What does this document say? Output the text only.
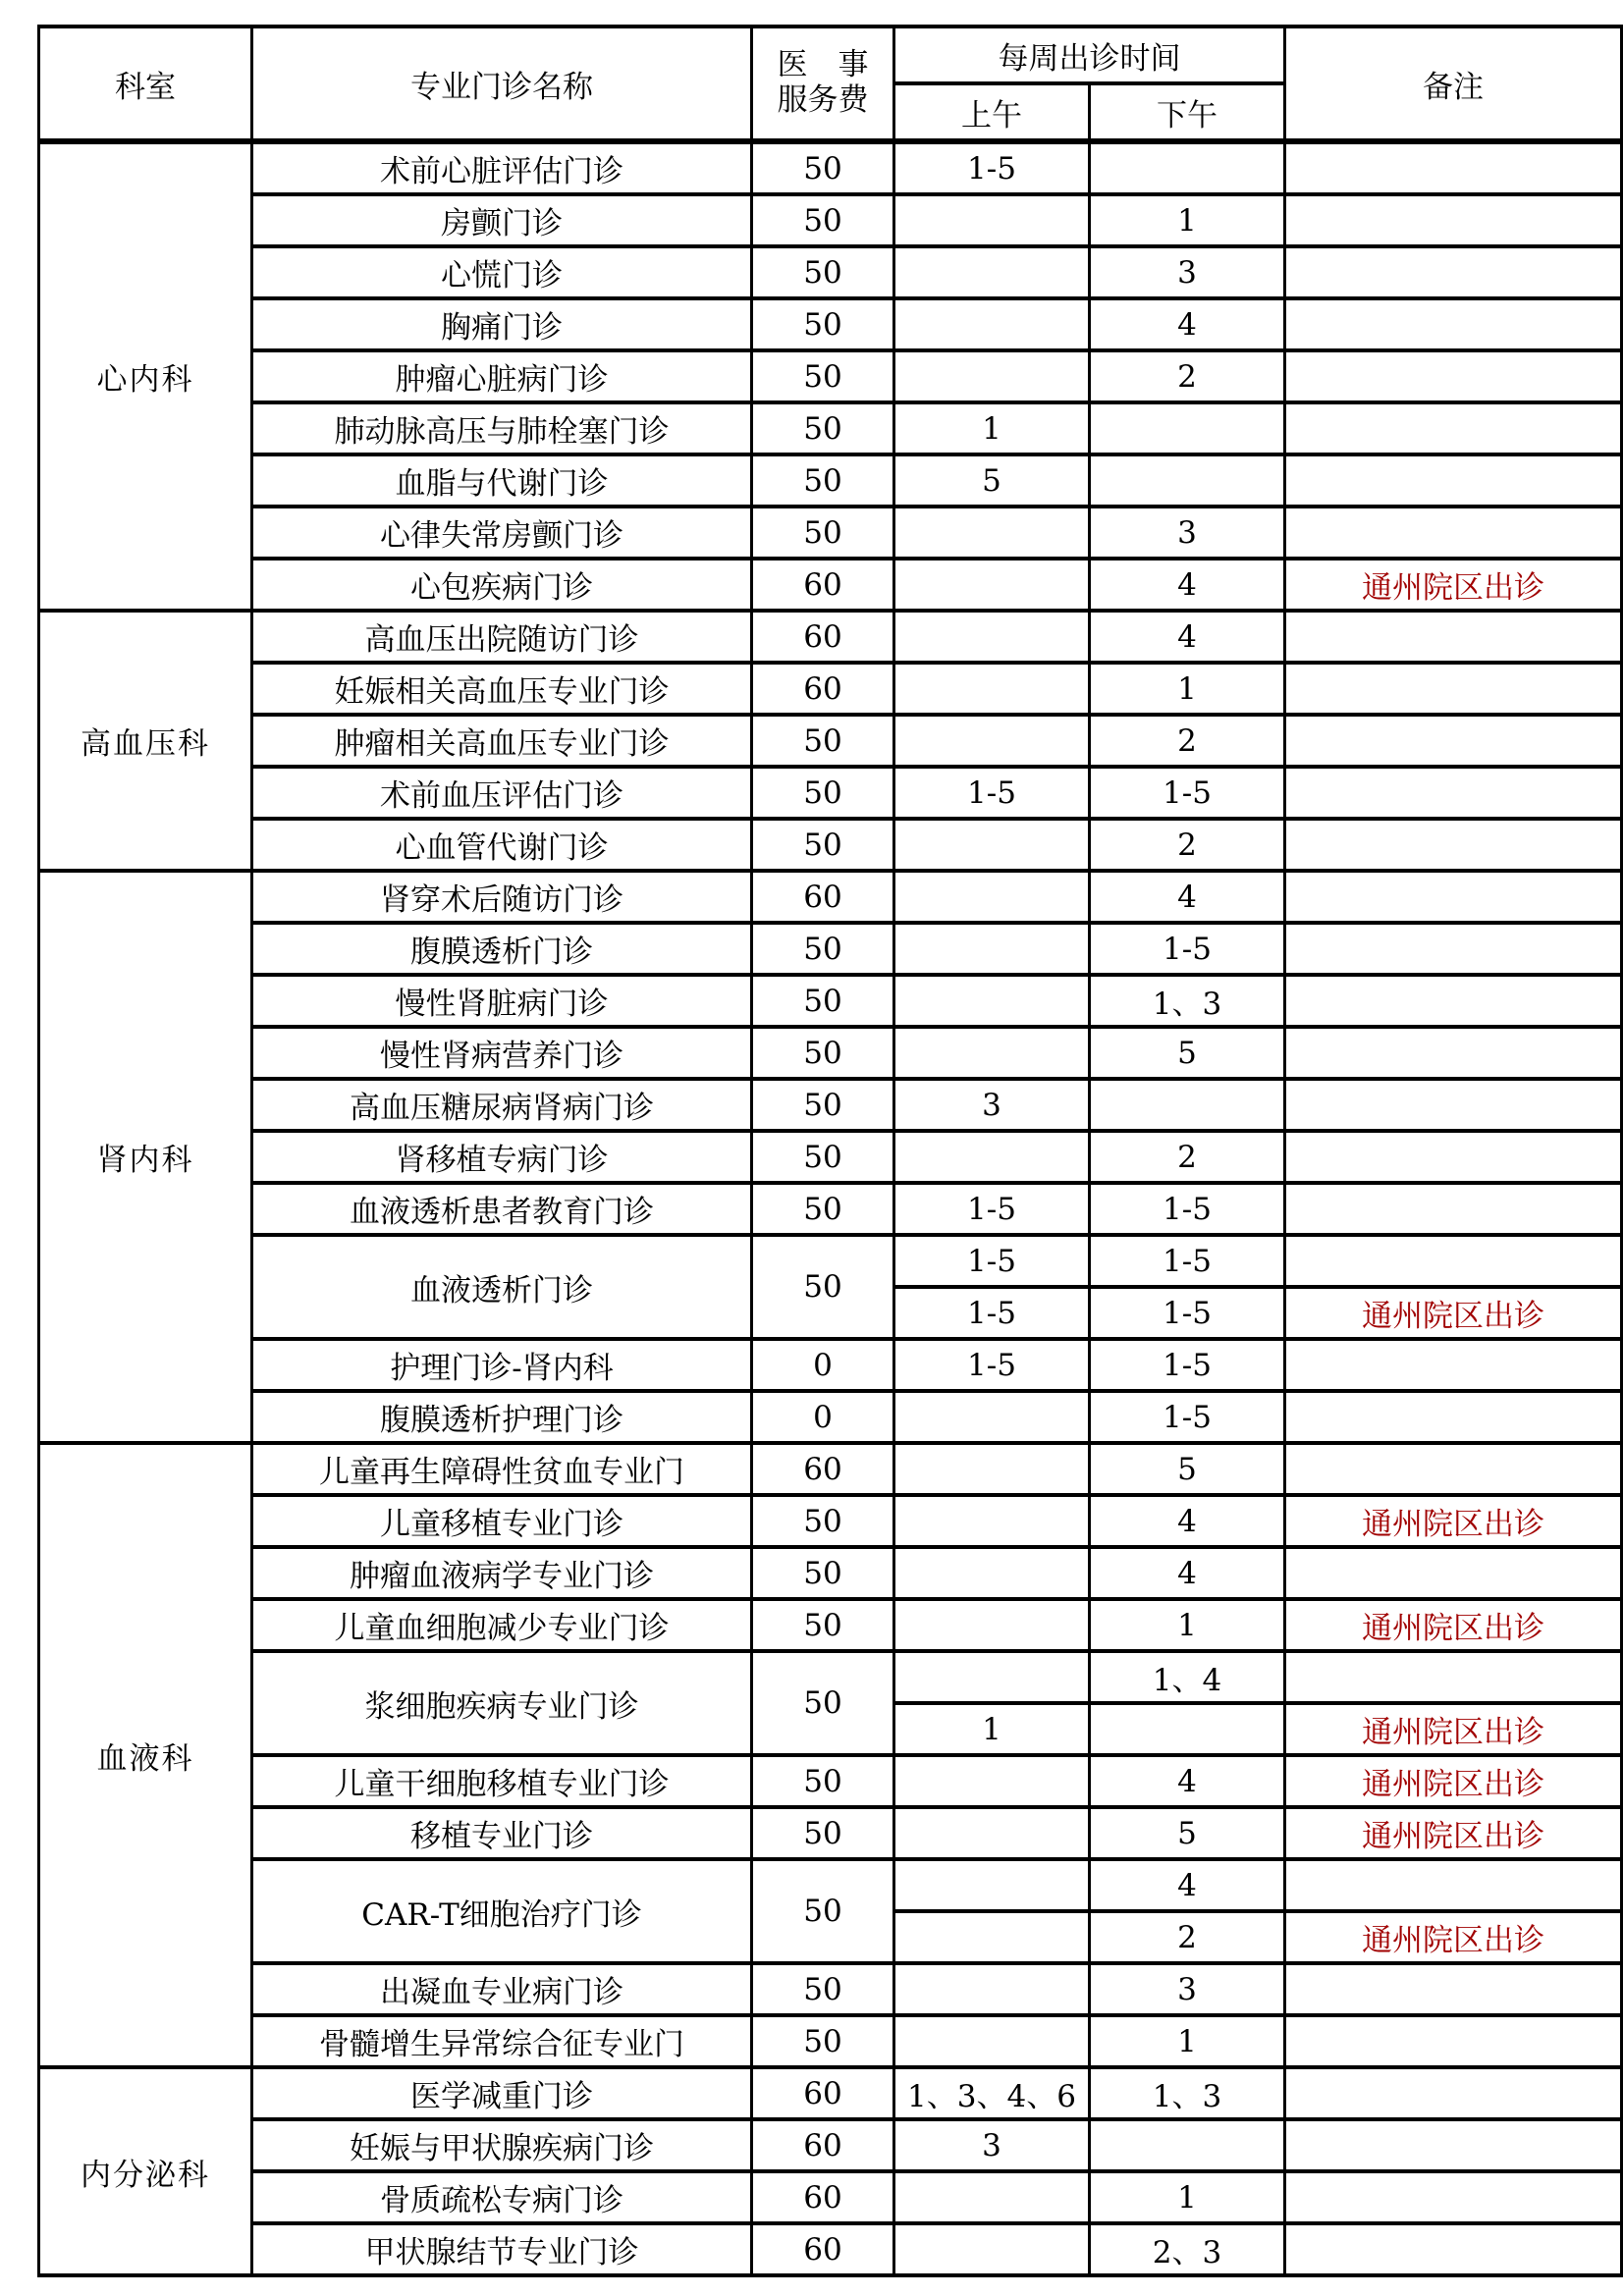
科室	专业门诊名称	医　事
服务费	每周出诊时间		备注
			上午	下午	
心内科	术前心脏评估门诊	50	1-5		
	房颤门诊	50		1	
	心慌门诊	50		3	
	胸痛门诊	50		4	
	肿瘤心脏病门诊	50		2	
	肺动脉高压与肺栓塞门诊	50	1		
	血脂与代谢门诊	50	5		
	心律失常房颤门诊	50		3	
	心包疾病门诊	60		4	通州院区出诊
高血压科	高血压出院随访门诊	60		4	
	妊娠相关高血压专业门诊	60		1	
	肿瘤相关高血压专业门诊	50		2	
	术前血压评估门诊	50	1-5	1-5	
	心血管代谢门诊	50		2	
肾内科	肾穿术后随访门诊	60		4	
	腹膜透析门诊	50		1-5	
	慢性肾脏病门诊	50		1、3	
	慢性肾病营养门诊	50		5	
	高血压糖尿病肾病门诊	50	3		
	肾移植专病门诊	50		2	
	血液透析患者教育门诊	50	1-5	1-5	
	血液透析门诊	50	1-5	1-5	
			1-5	1-5	通州院区出诊
	护理门诊-肾内科	0	1-5	1-5	
	腹膜透析护理门诊	0		1-5	
血液科	儿童再生障碍性贫血专业门	60		5	
	儿童移植专业门诊	50		4	通州院区出诊
	肿瘤血液病学专业门诊	50		4	
	儿童血细胞减少专业门诊	50		1	通州院区出诊
	浆细胞疾病专业门诊	50		1、4	
			1		通州院区出诊
	儿童干细胞移植专业门诊	50		4	通州院区出诊
	移植专业门诊	50		5	通州院区出诊
	CAR-T细胞治疗门诊	50		4	
				2	通州院区出诊
	出凝血专业病门诊	50		3	
	骨髓增生异常综合征专业门	50		1	
内分泌科	医学减重门诊	60	1、3、4、6	1、3	
	妊娠与甲状腺疾病门诊	60	3		
	骨质疏松专病门诊	60		1	
	甲状腺结节专业门诊	60		2、3	
